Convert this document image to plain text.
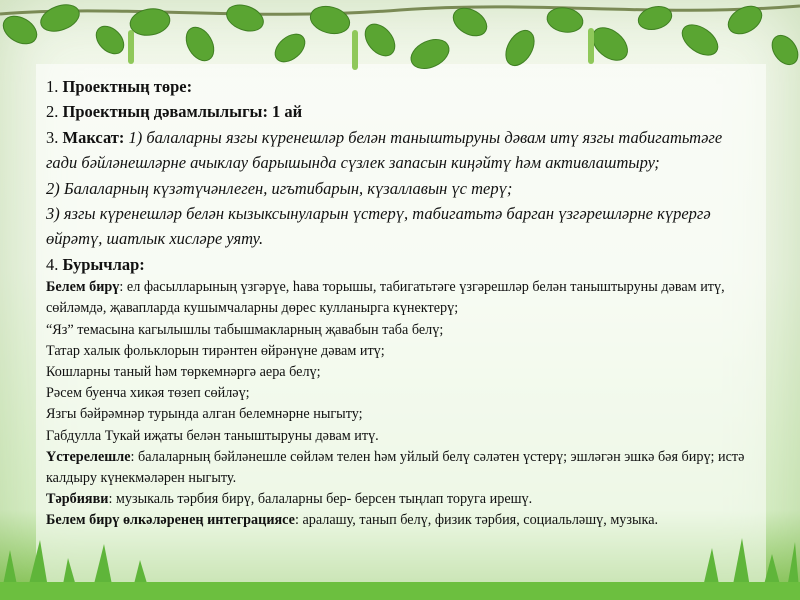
1. Проектның төре:

2. Проектның дәвамлылыгы: 1 ай

3. Максат: 1) балаларны язгы күренешләр белән таныштыруны дәвам итү язгы табигатьтәге гади бәйләнешләрне ачыклау барышында сүзлек запасын киңәйтү һәм активлаштыру;

2) Балаларның күзәтүчәнлеген, игътибарын, күзаллавын үс терү;

3) язгы күренешләр белән кызыксынуларын үстерү, табигатьтә барган үзгәрешләрне күрергә өйрәтү, шатлык хисләре уяту.

4. Бурычлар:

Белем бирү: ел фасылларының үзгәрүе, һава торышы, табигатьтәге үзгәрешләр белән таныштыруны дәвам итү, сөйләмдә, җавапларда кушымчаларны дөрес кулланырга күнектерү;

“Яз” темасына кагылышлы табышмакларның җавабын таба белү;

Татар халык фольклорын тирәнтен өйрәнүне дәвам итү;

Кошларны таный һәм төркемнәргә аера белү;

Рәсем буенча хикәя төзеп сөйләү;

Язгы бәйрәмнәр турында алган белемнәрне ныгыту;

Габдулла Тукай иҗаты белән таныштыруны дәвам итү.

Үстерелешле: балаларның бәйләнешле сөйләм телен һәм уйлый белү сәләтен үстерү; эшләгән эшкә бәя бирү; истә калдыру күнекмәләрен ныгыту.

Тәрбияви: музыкаль тәрбия бирү, балаларны бер- берсен тыңлап торуга ирешү.

Белем бирү өлкәләренең интеграциясе: аралашу, танып белү, физик тәрбия, социальләшү, музыка.
